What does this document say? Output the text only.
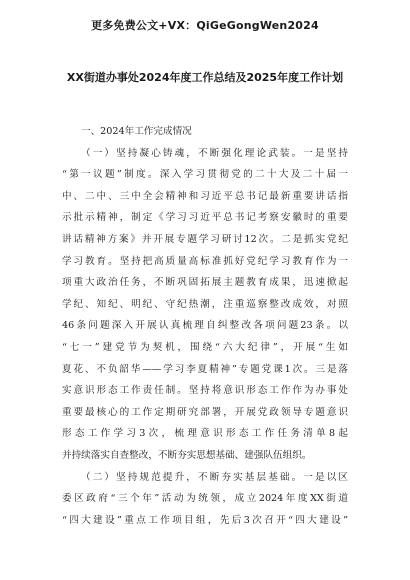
更多免费公文+VX：QiGeGongWen2024
XX街道办事处2024年度工作总结及2025年度工作计划

一、2024年工作完成情况

（一）坚持凝心铸魂，不断强化理论武装。一是坚持
“第一议题”制度。深入学习贯彻党的二十大及二十届一
中、二中、三中全会精神和习近平总书记最新重要讲话指
示批示精神，制定《学习习近平总书记考察安徽时的重要
讲话精神方案》并开展专题学习研讨12次。二是抓实党纪
学习教育。坚持把高质量高标准抓好党纪学习教育作为一
项重大政治任务，不断巩固拓展主题教育成果，迅速掀起
学纪、知纪、明纪、守纪热潮，注重巡察整改成效，对照
46条问题深入开展认真梳理自纠整改各项问题23条。以
“七一”建党节为契机，围绕“六大纪律”，开展“生如
夏花、不负韶华——学习李夏精神”专题党课1次。三是落
实意识形态工作责任制。坚持将意识形态工作作为办事处
重要最核心的工作定期研究部署，开展党政领导专题意识
形态工作学习3次，梳理意识形态工作任务清单8起
并持续落实自查整改，不断夯实思想基础、建强队伍组织。
（二）坚持规范提升，不断夯实基层基础。一是以区
委区政府“三个年”活动为统领，成立2024年度XX街道
“四大建设”重点工作项目组，先后3次召开“四大建设”
